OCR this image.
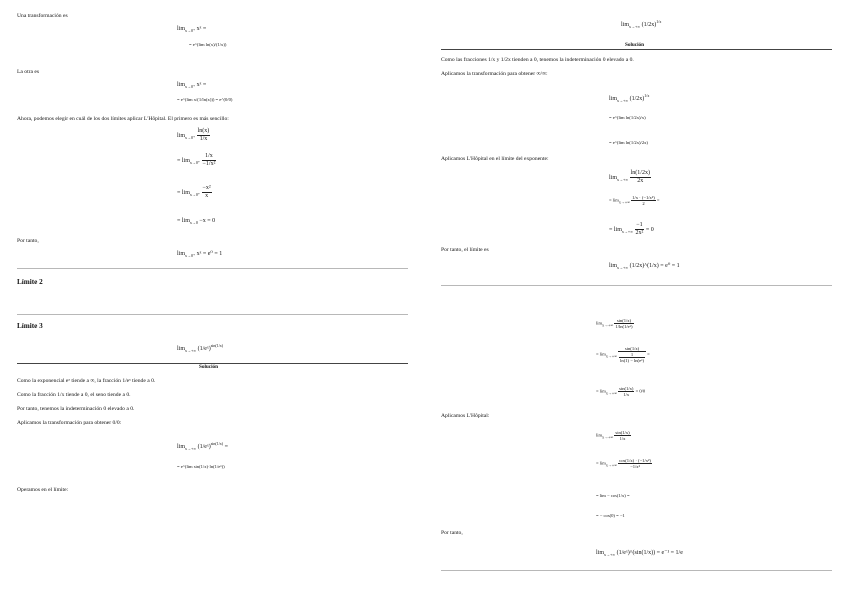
Una transformación es
$\lim_{x\to 0^+}$ xˣ =
= e^(lim ln(x)/(1/x))
La otra es
$\lim_{x\to 0^+}$ xˣ =
= e^(lim x/(1/ln(x))) = e^(0/0)
Ahora, podemos elegir en cuál de los dos límites aplicar L'Hôpital. El primero es más sencillo:
$\lim_{x\to 0^+} \frac{\ln(x)}{1/x}$
= $\lim_{x\to 0^+} \frac{1/x}{\text{−1/x²}}$
= $\lim_{x\to 0^+} \frac{\text{−x²}}{x}$
= $\lim_{x\to 0} -x = 0$
Por tanto,
$\lim_{x\to 0^+}$ xˣ = e⁰ = 1
Límite 2
Límite 3
$\lim_{x\to+\infty}$ (1/eˣ)$^{sin(1/x)}$
Solución
Como la exponencial eˣ tiende a ∞, la fracción 1/eˣ tiende a 0.
Como la fracción 1/x tiende a 0, el seno tiende a 0.
Por tanto, tenemos la indeterminación 0 elevado a 0.
Aplicamos la transformación para obtener 0/0:
$\lim_{x\to+\infty}$ (1/eˣ)$^{sin(1/x)}$ =
= e^(lim sin(1/x)·ln(1/eˣ))
Operamos en el límite:
$\lim_{x\to+\infty} (1/2x)^{1/x}$
Solución
Como las fracciones 1/x y 1/2x tienden a 0, tenemos la indeterminación 0 elevado a 0.
Aplicamos la transformación para obtener ∞/∞:
$\lim_{x\to+\infty} (1/2x)^{1/x}$
= e^(lim ln(1/2x)/x)
= e^(lim ln(1/2x)/2x)
Aplicamos L'Hôpital en el límite del exponente:
$\lim_{x\to+\infty} \frac{\ln(1/2x)}{2x}$
= $\lim x\to+\infty \frac{\text{1/x · (−1/x²)}}{2}$ =
= $\lim_{x\to+\infty} \frac{-1}{\text{2x²}} = 0$
Por tanto, el límite es
$\lim_{x\to+\infty}$ (1/2x)^(1/x) = e⁰ = 1
$\lim x\to+\infty \frac{\sin(1/x)}{\text{1/ln(1/eˣ)}}$
= $\lim x\to+\infty \frac{\sin(1/x)}{\frac{1}{\text{ln(1) − ln(eˣ)}}}$ =
= $\lim x\to+\infty \frac{\sin(1/x)}{1/x} = 0/0$
Aplicamos L'Hôpital:
$\lim x\to+\infty \frac{\sin(1/x)}{1/x}$
= $\lim x\to+\infty \frac{\text{cos(1/x) · (−1/x²)}}{\text{−1/x²}}$
= lim − cos(1/x) =
= − cos(0) = −1
Por tanto,
$\lim_{x\to+\infty}$ (1/eˣ)^(sin(1/x)) = e⁻¹ = 1/e
